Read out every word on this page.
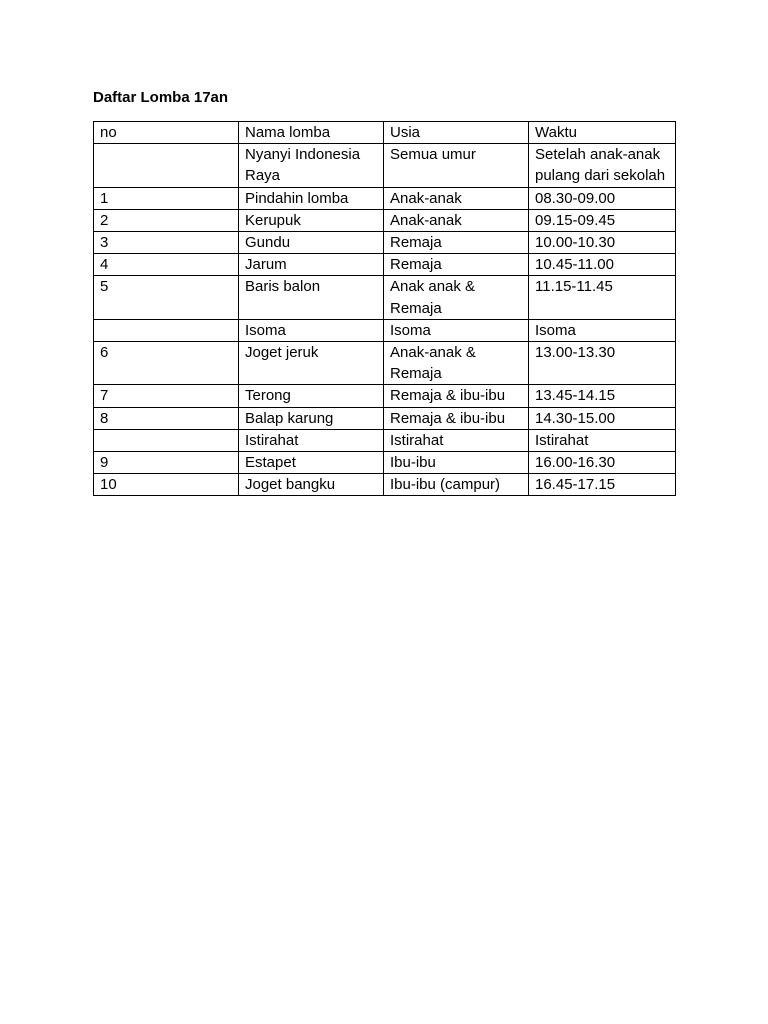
Daftar Lomba 17an
no	Nama lomba	Usia	Waktu
	Nyanyi Indonesia Raya	Semua umur	Setelah anak-anak pulang dari sekolah
1	Pindahin lomba	Anak-anak	08.30-09.00
2	Kerupuk	Anak-anak	09.15-09.45
3	Gundu	Remaja	10.00-10.30
4	Jarum	Remaja	10.45-11.00
5	Baris balon	Anak anak & Remaja	11.15-11.45
	Isoma	Isoma	Isoma
6	Joget jeruk	Anak-anak & Remaja	13.00-13.30
7	Terong	Remaja & ibu-ibu	13.45-14.15
8	Balap karung	Remaja & ibu-ibu	14.30-15.00
	Istirahat	Istirahat	Istirahat
9	Estapet	Ibu-ibu	16.00-16.30
10	Joget bangku	Ibu-ibu (campur)	16.45-17.15
